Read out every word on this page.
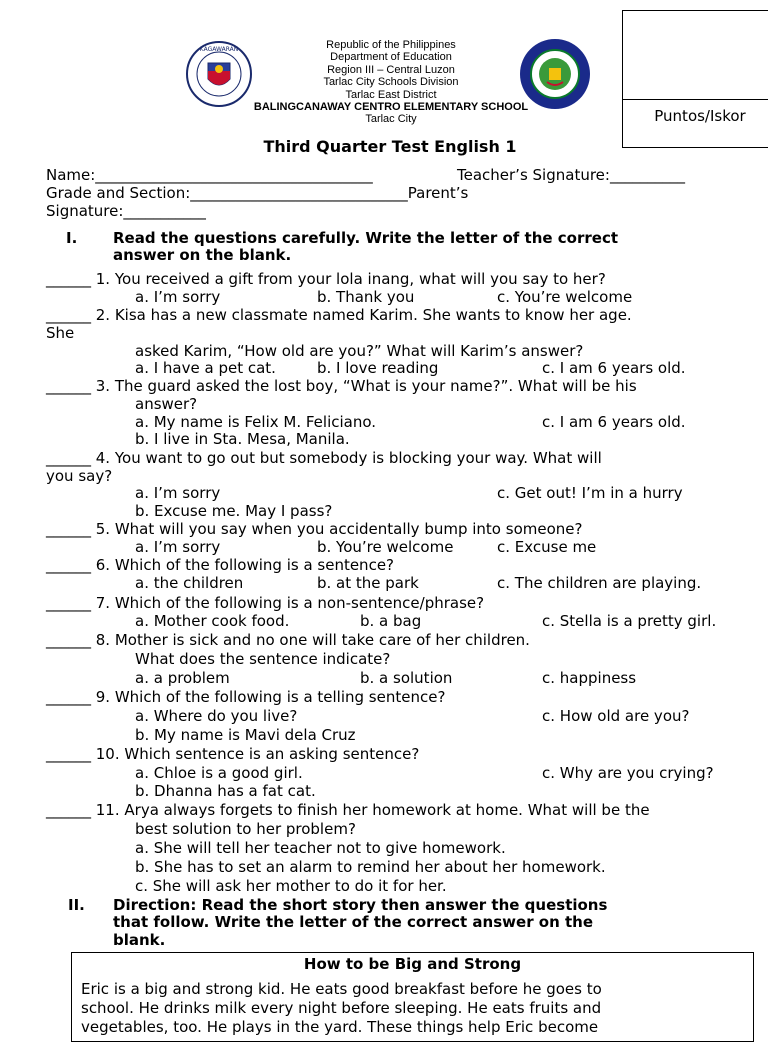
KAGAWARAN	Republic of the Philippines
Department of Education
Region III – Central Luzon
Tarlac City Schools Division
Tarlac East District
BALINGCANAWAY CENTRO ELEMENTARY SCHOOL
Tarlac City	Puntos/Iskor
Third Quarter Test English 1
Name:_____________________________________	Teacher’s Signature:__________
Grade and Section:_____________________________Parent’s
Signature:___________
I. Read the questions carefully. Write the letter of the correct
answer on the blank.
______ 1. You received a gift from your lola inang, what will you say to her?
a. I’m sorry	b. Thank you	c. You’re welcome
______ 2. Kisa has a new classmate named Karim. She wants to know her age.
She
asked Karim, “How old are you?” What will Karim’s answer?
a. I have a pet cat.	b. I love reading	c. I am 6 years old.
______ 3. The guard asked the lost boy, “What is your name?”. What will be his
answer?
a. My name is Felix M. Feliciano.	c. I am 6 years old.
b. I live in Sta. Mesa, Manila.
______ 4. You want to go out but somebody is blocking your way. What will
you say?
a. I’m sorry	c. Get out! I’m in a hurry
b. Excuse me. May I pass?
______ 5. What will you say when you accidentally bump into someone?
a. I’m sorry	b. You’re welcome	c. Excuse me
______ 6. Which of the following is a sentence?
a. the children	b. at the park	c. The children are playing.
______ 7. Which of the following is a non-sentence/phrase?
a. Mother cook food.	b. a bag	c. Stella is a pretty girl.
______ 8. Mother is sick and no one will take care of her children.
What does the sentence indicate?
a. a problem	b. a solution	c. happiness
______ 9. Which of the following is a telling sentence?
a. Where do you live?	c. How old are you?
b. My name is Mavi dela Cruz
______ 10. Which sentence is an asking sentence?
a. Chloe is a good girl.	c. Why are you crying?
b. Dhanna has a fat cat.
______ 11. Arya always forgets to finish her homework at home. What will be the
best solution to her problem?
a. She will tell her teacher not to give homework.
b. She has to set an alarm to remind her about her homework.
c. She will ask her mother to do it for her.
II. Direction: Read the short story then answer the questions
that follow. Write the letter of the correct answer on the
blank.
How to be Big and Strong
Eric is a big and strong kid. He eats good breakfast before he goes to
school. He drinks milk every night before sleeping. He eats fruits and
vegetables, too. He plays in the yard. These things help Eric become
